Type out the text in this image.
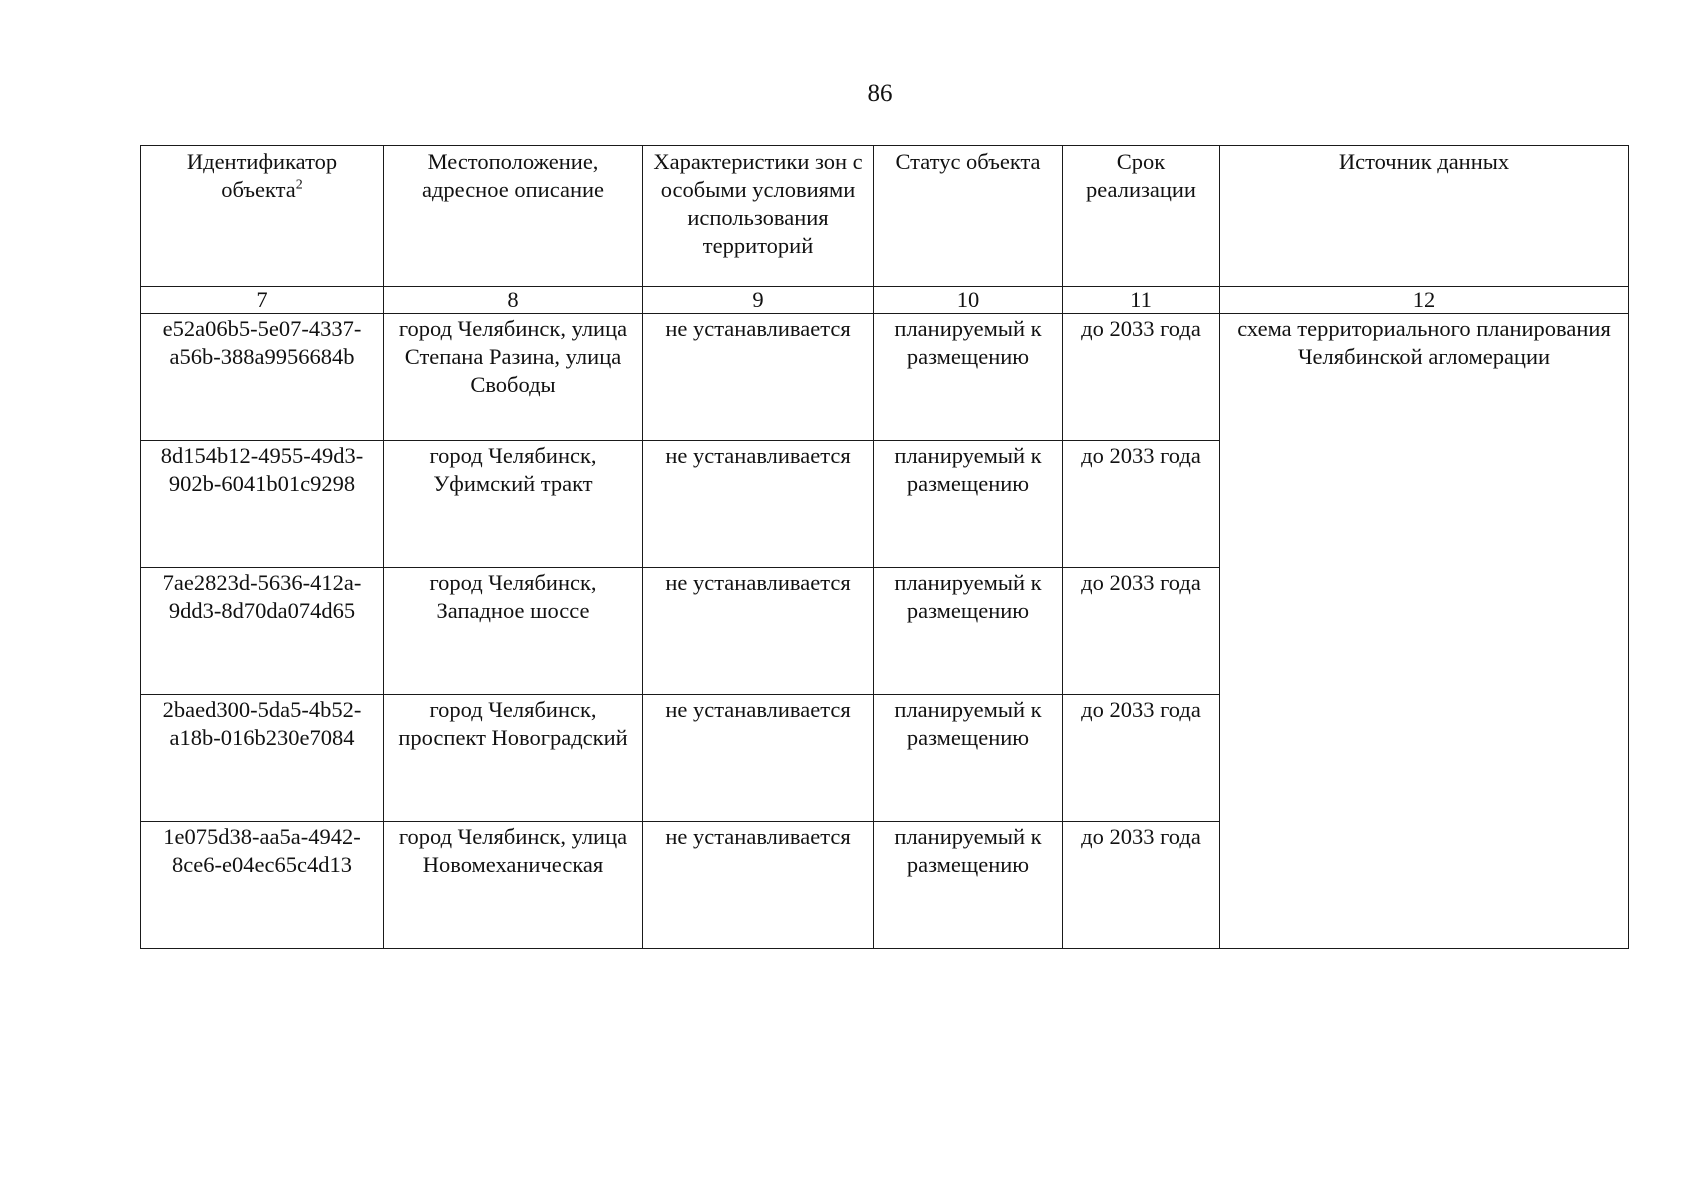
86
Идентификатор объекта$^2$	Местоположение, адресное описание	Характеристики зон с особыми условиями использования территорий	Статус объекта	Срок реализации	Источник данных
7	8	9	10	11	12
e52a06b5-5e07-4337-a56b-388a9956684b	город Челябинск, улица Степана Разина, улица Свободы	не устанавливается	планируемый к размещению	до 2033 года	схема территориального планирования Челябинской агломерации
8d154b12-4955-49d3-902b-6041b01c9298	город Челябинск, Уфимский тракт	не устанавливается	планируемый к размещению	до 2033 года	
7ae2823d-5636-412a-9dd3-8d70da074d65	город Челябинск, Западное шоссе	не устанавливается	планируемый к размещению	до 2033 года	
2baed300-5da5-4b52-a18b-016b230e7084	город Челябинск, проспект Новоградский	не устанавливается	планируемый к размещению	до 2033 года	
1e075d38-aa5a-4942-8ce6-e04ec65c4d13	город Челябинск, улица Новомеханическая	не устанавливается	планируемый к размещению	до 2033 года	
